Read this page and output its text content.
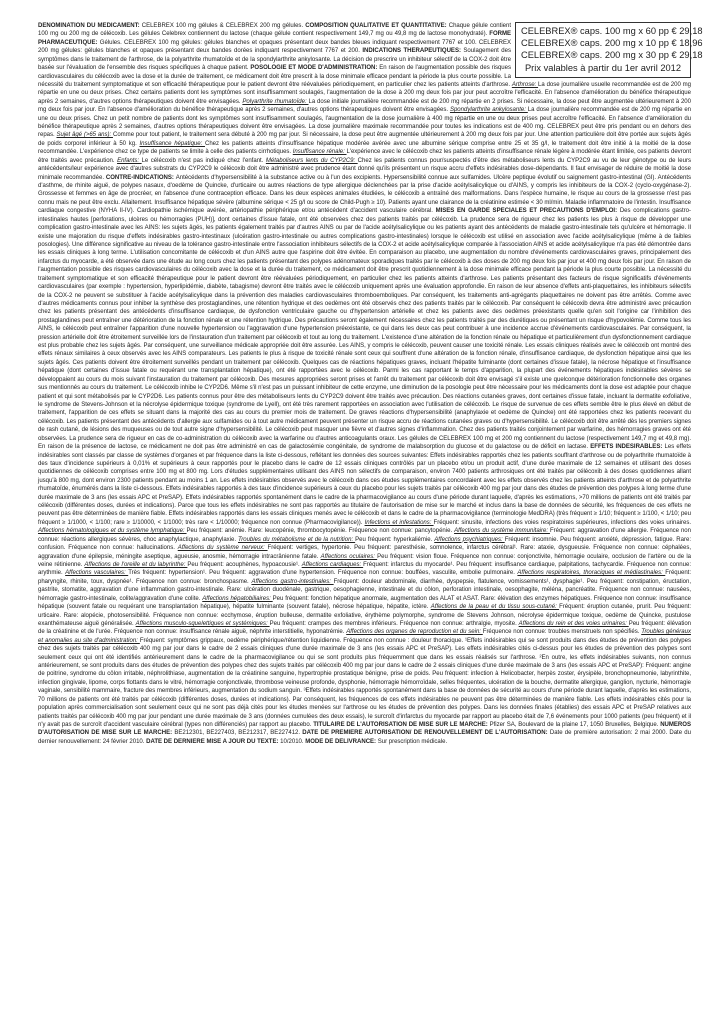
CELEBREX® caps. 100 mg x 60 pp € 29,18
CELEBREX® caps. 200 mg x 10 pp € 18,96
CELEBREX® caps. 200 mg x 30 pp € 29,18
Prix valables à partir du 1er avril 2012
DENOMINATION DU MEDICAMENT: CELEBREX 100 mg gélules & CELEBREX 200 mg gélules. COMPOSITION QUALITATIVE ET QUANTITATIVE: Chaque gélule contient 100 mg ou 200 mg de célécoxib. Les gélules Celebrex contiennent du lactose (chaque gélule contient respectivement 149,7 mg ou 49,8 mg de lactose monohydraté). FORME PHARMACEUTIQUE: Gélules. CELEBREX 100 mg gélules: gélules blanches et opaques présentant deux bandes bleues indiquant respectivement 7767 et 100. CELEBREX 200 mg gélules: gélules blanches et opaques présentant deux bandes dorées indiquant respectivement 7767 et 200. INDICATIONS THERAPEUTIQUES: Soulagement des symptômes dans le traitement de l'arthrose, de la polyarthrite rhumatoïde et de la spondylarthrite ankylosante. La décision de prescrire un inhibiteur sélectif de la COX-2 doit être basée sur l'évaluation de l'ensemble des risques spécifiques à chaque patient. POSOLOGIE ET MODE D'ADMINISTRATION: En raison de l'augmentation possible des risques cardiovasculaires du célécoxib avec la dose et la durée de traitement, ce médicament doit être prescrit à la dose minimale efficace pendant la période la plus courte possible. La nécessité du traitement symptomatique et son efficacité thérapeutique pour le patient devront être réévaluées périodiquement, en particulier chez les patients atteints d'arthrose. Arthrose: La dose journalière usuelle recommandée est de 200 mg répartie en une ou deux prises. Chez certains patients dont les symptômes sont insuffisamment soulagés, l'augmentation de la dose à 200 mg deux fois par jour peut accroître l'efficacité. En l'absence d'amélioration du bénéfice thérapeutique après 2 semaines, d'autres options thérapeutiques doivent être envisagées. Polyarthrite rhumatoïde: La dose initiale journalière recommandée est de 200 mg répartie en 2 prises. Si nécessaire, la dose peut être augmentée ultérieurement à 200 mg deux fois par jour. En l'absence d'amélioration du bénéfice thérapeutique après 2 semaines, d'autres options thérapeutiques doivent être envisagées. Spondylarthrite ankylosante: La dose journalière recommandée est de 200 mg répartie en une ou deux prises. Chez un petit nombre de patients dont les symptômes sont insuffisamment soulagés, l'augmentation de la dose journalière à 400 mg répartie en une ou deux prises peut accroître l'efficacité. En l'absence d'amélioration du bénéfice thérapeutique après 2 semaines, d'autres options thérapeutiques doivent être envisagées. La dose journalière maximale recommandée pour toutes les indications est de 400 mg. CELEBREX peut être pris pendant ou en dehors des repas. Sujet âgé (>65 ans): Comme pour tout patient, le traitement sera débuté à 200 mg par jour. Si nécessaire, la dose peut être augmentée ultérieurement à 200 mg deux fois par jour. Une attention particulière doit être portée aux sujets âgés de poids corporel inférieur à 50 kg. Insuffisance hépatique: Chez les patients atteints d'insuffisance hépatique modérée avérée avec une albumine sérique comprise entre 25 et 35 g/l, le traitement doit être initié à la moitié de la dose recommandée. L'expérience chez ce type de patients se limite à celle des patients cirrhotiques. Insuffisance rénale: L'expérience avec le célécoxib chez les patients atteints d'insuffisance rénale légère à modérée étant limitée, ces patients devront être traités avec précaution. Enfants: Le célécoxib n'est pas indiqué chez l'enfant. Métaboliseurs lents du CYP2C9: Chez les patients connus pour/suspectés d'être des métaboliseurs lents du CYP2C9 au vu de leur génotype ou de leurs antécédents/leur expérience avec d'autres substrats du CYP2C9 le célécoxib doit être administré avec prudence étant donné qu'ils présentent un risque accru d'effets indésirables dose-dépendants. Il faut envisager de réduire de moitié la dose minimale recommandée. CONTRE-INDICATIONS: Antécédents d'hypersensibilité à la substance active ou à l'un des excipients. Hypersensibilité connue aux sulfamides. Ulcère peptique évolutif ou saignement gastro-intestinal (GI). Antécédents d'asthme, de rhinite aiguë, de polypes nasaux, d'oedème de Quincke, d'urticaire ou autres réactions de type allergique déclenchées par la prise d'acide acétylsalicylique ou d'AINS, y compris les inhibiteurs de la COX-2 (cyclo-oxygénase-2). Grossesse et femmes en âge de procréer, en l'absence d'une contraception efficace. Dans les deux espèces animales étudiées, le célécoxib a entraîné des malformations. Dans l'espèce humaine, le risque au cours de la grossesse n'est pas connu mais ne peut être exclu. Allaitement. Insuffisance hépatique sévère (albumine sérique < 25 g/l ou score de Child-Pugh ≥ 10). Patients ayant une clairance de la créatinine estimée < 30 ml/min. Maladie inflammatoire de l'intestin. Insuffisance cardiaque congestive (NYHA II-IV). Cardiopathie ischémique avérée, artériopathie périphérique et/ou antécédent d'accident vasculaire cérébral. MISES EN GARDE SPECIALES ET PRECAUTIONS D'EMPLOI: Des complications gastro-intestinales hautes [perforations, ulcères ou hémorragies (PUH)], dont certaines d'issue fatale, ont été observées chez des patients traités par célécoxib. La prudence sera de rigueur chez les patients les plus à risque de développer une complication gastro-intestinale avec les AINS: les sujets âgés, les patients également traités par d'autres AINS ou par de l'acide acétylsalicylique ou les patients ayant des antécédents de maladie gastro-intestinale tels qu'ulcère et hémorragie. Il existe une majoration du risque d'effets indésirables gastro-intestinaux (ulcération gastro-intestinale ou autres complications gastro-intestinales) lorsque le célécoxib est utilisé en association avec l'acide acétylsalicylique (même à de faibles posologies). Une différence significative au niveau de la tolérance gastro-intestinale entre l'association inhibiteurs sélectifs de la COX-2 et acide acétylsalicylique comparée à l'association AINS et acide acétylsalicylique n'a pas été démontrée dans les essais cliniques à long terme. L'utilisation concomitante de célécoxib et d'un AINS autre que l'aspirine doit être évitée. En comparaison au placebo, une augmentation du nombre d'événements cardiovasculaires graves, principalement des infarctus du myocarde, a été observée dans une étude au long cours chez les patients présentant des polypes adénomateux sporadiques traités par le célécoxib à des doses de 200 mg deux fois par jour et 400 mg deux fois par jour. En raison de l'augmentation possible des risques cardiovasculaires du célécoxib avec la dose et la durée du traitement, ce médicament doit être prescrit quotidiennement à la dose minimale efficace pendant la période la plus courte possible. La nécessité du traitement symptomatique et son efficacité thérapeutique pour le patient devront être réévaluées périodiquement, en particulier chez les patients atteints d'arthrose. Les patients présentant des facteurs de risque significatifs d'événements cardiovasculaires (par exemple : hypertension, hyperlipidémie, diabète, tabagisme) devront être traités avec le célécoxib uniquement après une évaluation approfondie. En raison de leur absence d'effets anti-plaquettaires, les inhibiteurs sélectifs de la COX-2 ne peuvent se substituer à l'acide acétylsalicylique dans la prévention des maladies cardiovasculaires thromboemboliques. Par conséquent, les traitements anti-agrégants plaquettaires ne doivent pas être arrêtés. Comme avec d'autres médicaments connus pour inhiber la synthèse des prostaglandines, une rétention hydrique et des oedèmes ont été observés chez des patients traités par le célécoxib. Par conséquent le célécoxib devra être administré avec précaution chez les patients présentant des antécédents d'insuffisance cardiaque, de dysfonction ventriculaire gauche ou d'hypertension artérielle et chez les patients avec des oedèmes préexistants quelle qu'en soit l'origine car l'inhibition des prostaglandines peut entraîner une détérioration de la fonction rénale et une rétention hydrique. Des précautions seront également nécessaires chez les patients traités par des diurétiques ou présentant un risque d'hypovolémie. Comme tous les AINS, le célécoxib peut entraîner l'apparition d'une nouvelle hypertension ou l'aggravation d'une hypertension préexistante, ce qui dans les deux cas peut contribuer à une incidence accrue d'événements cardiovasculaires. Par conséquent, la pression artérielle doit être étroitement surveillée lors de l'instauration d'un traitement par célécoxib et tout au long du traitement. L'existence d'une altération de la fonction rénale ou hépatique et particulièrement d'un dysfonctionnement cardiaque est plus probable chez les sujets âgés. Par conséquent, une surveillance médicale appropriée doit être assurée. Les AINS, y compris le célécoxib, peuvent causer une toxicité rénale. Les essais cliniques réalisés avec le célécoxib ont montré des effets rénaux similaires à ceux observés avec les AINS comparateurs. Les patients le plus à risque de toxicité rénale sont ceux qui souffrent d'une altération de la fonction rénale, d'insuffisance cardiaque, de dysfonction hépatique ainsi que les sujets âgés. Ces patients doivent être étroitement surveillés pendant un traitement par célécoxib. Quelques cas de réactions hépatiques graves, incluant l'hépatite fulminante (dont certaines d'issue fatale), la nécrose hépatique et l'insuffisance hépatique (dont certaines d'issue fatale ou requérant une transplantation hépatique), ont été rapportées avec le célécoxib. Parmi les cas rapportant le temps d'apparition, la plupart des événements hépatiques indésirables sévères se développaient au cours du mois suivant l'instauration du traitement par célécoxib. Des mesures appropriées seront prises et l'arrêt du traitement par célécoxib doit être envisagé s'il existe une quelconque détérioration fonctionnelle des organes sus mentionnés au cours du traitement. Le célécoxib inhibe le CYP2D6. Même s'il n'est pas un puissant inhibiteur de cette enzyme, une diminution de la posologie peut être nécessaire pour les médicaments dont la dose est adaptée pour chaque patient et qui sont métabolisés par le CYP2D6. Les patients connus pour être des métaboliseurs lents du CYP2C9 doivent être traités avec précaution. Des réactions cutanées graves, dont certaines d'issue fatale, incluant la dermatite exfoliative, le syndrome de Stevens-Johnson et la nécrolyse épidermique toxique (syndrome de Lyell), ont été très rarement rapportées en association avec l'utilisation de célécoxib. Le risque de survenue de ces effets semble être le plus élevé en début de traitement, l'apparition de ces effets se situant dans la majorité des cas au cours du premier mois de traitement. De graves réactions d'hypersensibilité (anaphylaxie et oedème de Quincke) ont été rapportées chez les patients recevant du célécoxib. Les patients présentant des antécédents d'allergie aux sulfamides ou à tout autre médicament peuvent présenter un risque accru de réactions cutanées graves ou d'hypersensibilité. Le célécoxib doit être arrêté dès les premiers signes de rash cutané, de lésions des muqueuses ou de tout autre signe d'hypersensibilité. Le célécoxib peut masquer une fièvre et d'autres signes d'inflammation. Chez des patients traités conjointement par warfarine, des hémorragies graves ont été observées. La prudence sera de rigueur en cas de co-administration du célécoxib avec la warfarine ou d'autres anticoagulants oraux. Les gélules de CELEBREX 100 mg et 200 mg contiennent du lactose (respectivement 149,7 mg et 49,8 mg). En raison de la présence de lactose, ce médicament ne doit pas être administré en cas de galactosémie congénitale, de syndrome de malabsorption du glucose et du galactose ou de déficit en lactase. EFFETS INDESIRABLES: Les effets indésirables sont classés par classe de systèmes d'organes et par fréquence dans la liste ci-dessous, reflétant les données des sources suivantes: Effets indésirables rapportés chez les patients souffrant d'arthrose ou de polyarthrite rhumatoïde à des taux d'incidence supérieurs à 0,01% et supérieurs à ceux rapportés pour le placebo dans le cadre de 12 essais cliniques contrôlés par un placebo et/ou un produit actif, d'une durée maximale de 12 semaines et utilisant des doses quotidiennes de célécoxib comprises entre 100 mg et 800 mg. Lors d'études supplémentaires utilisant des AINS non sélectifs de comparaison, environ 7400 patients arthrosiques ont été traités par célécoxib à des doses quotidiennes allant jusqu'à 800 mg, dont environ 2300 patients pendant au moins 1 an. Les effets indésirables observés avec le célécoxib dans ces études supplémentaires concordaient avec les effets observés chez les patients atteints d'arthrose et de polyarthrite rhumatoïde, énumérés dans la liste ci-dessous. Effets indésirables rapportés à des taux d'incidence supérieurs à ceux du placebo pour les sujets traités par célécoxib 400 mg par jour dans des études de prévention des polypes à long terme d'une durée maximale de 3 ans (les essais APC et PreSAP). Effets indésirables rapportés spontanément dans le cadre de la pharmacovigilance au cours d'une période durant laquelle, d'après les estimations, >70 millions de patients ont été traités par célécoxib (différentes doses, durées et indications). Parce que tous les effets indésirables ne sont pas rapportés au titulaire de l'autorisation de mise sur le marché et inclus dans la base de données de sécurité, les fréquences de ces effets ne peuvent pas être déterminées de manière fiable. Effets indésirables rapportés dans les essais cliniques menés avec le célécoxib et dans le cadre de la pharmacovigilance (terminologie MedDRA) (très fréquent ≥ 1/10; fréquent ≥ 1/100, < 1/10; peu fréquent ≥ 1/1000, < 1/100; rare ≥ 1/10000, < 1/1000; très rare < 1/10000; fréquence non connue (Pharmacovigilance)). Infections et infestations: Fréquent: sinusite, infections des voies respiratoires supérieures, infections des voies urinaires. Affections hématologiques et du système lymphatique: Peu fréquent: anémie. Rare: leucopénie, thrombocytopénie. Fréquence non connue: pancytopénie. Affections du système immunitaire: Fréquent: aggravation d'une allergie. Fréquence non connue: réactions allergiques sévères, choc anaphylactique, anaphylaxie. Troubles du métabolisme et de la nutrition: Peu fréquent: hyperkaliémie. Affections psychiatriques: Fréquent: insomnie. Peu fréquent: anxiété, dépression, fatigue. Rare: confusion. Fréquence non connue: hallucinations. Affections du système nerveux: Fréquent: vertiges, hypertonie. Peu fréquent: paresthésie, somnolence, infarctus cérébral¹. Rare: ataxie, dysgueusie. Fréquence non connue: céphalées, aggravation d'une épilepsie, méningite aseptique, agueusie, anosmie, hémorragie intracrânienne fatale. Affections oculaires: Peu fréquent: vision floue. Fréquence non connue: conjonctivite, hémorragie oculaire, occlusion de l'artère ou de la veine rétinienne. Affections de l'oreille et du labyrinthe: Peu fréquent: acouphènes, hypoacousie¹. Affections cardiaques: Fréquent: infarctus du myocarde¹. Peu fréquent: insuffisance cardiaque, palpitations, tachycardie. Fréquence non connue: arythmie. Affections vasculaires: Très fréquent: hypertension¹. Peu fréquent: aggravation d'une hypertension. Fréquence non connue: bouffées, vasculite, embolie pulmonaire. Affections respiratoires, thoraciques et médiastinales: Fréquent: pharyngite, rhinite, toux, dyspnée¹. Fréquence non connue: bronchospasme. Affections gastro-intestinales: Fréquent: douleur abdominale, diarrhée, dyspepsie, flatulence, vomissements¹, dysphagie¹. Peu fréquent: constipation, éructation, gastrite, stomatite, aggravation d'une inflammation gastro-intestinale. Rare: ulcération duodénale, gastrique, oesophagienne, intestinale et du côlon, perforation intestinale, oesophagite, méléna, pancréatite. Fréquence non connue: nausées, hémorragie gastro-intestinale, colite/aggravation d'une colite. Affections hépatobiliaires: Peu fréquent: fonction hépatique anormale, augmentation des ALAT et ASAT. Rare: élévation des enzymes hépatiques. Fréquence non connue: insuffisance hépatique (souvent fatale ou requérant une transplantation hépatique), hépatite fulminante (souvent fatale), nécrose hépatique, hépatite, ictère. Affections de la peau et du tissu sous-cutané: Fréquent: éruption cutanée, prurit. Peu fréquent: urticaire. Rare: alopécie, photosensibilité. Fréquence non connue: ecchymose, éruption bulleuse, dermatite exfoliative, érythème polymorphe, syndrome de Stevens Johnson, nécrolyse épidermique toxique, oedème de Quincke, pustulose exanthémateuse aiguë généralisée. Affections musculo-squelettiques et systémiques: Peu fréquent: crampes des membres inférieurs. Fréquence non connue: arthralgie, myosite. Affections du rein et des voies urinaires: Peu fréquent: élévation de la créatinine et de l'urée. Fréquence non connue: insuffisance rénale aiguë, néphrite interstitielle, hyponatrémie. Affections des organes de reproduction et du sein: Fréquence non connue: troubles menstruels non spécifiés. Troubles généraux et anomalies au site d'administration: Fréquent: symptômes grippaux, oedème périphérique/rétention liquidienne. Fréquence non connue : douleur thoracique. ¹Effets indésirables qui se sont produits dans des études de prévention des polypes chez des sujets traités par célécoxib 400 mg par jour dans le cadre de 2 essais cliniques d'une durée maximale de 3 ans (les essais APC et PreSAP). Les effets indésirables cités ci-dessus pour les études de prévention des polypes sont seulement ceux qui ont été identifiés antérieurement dans le cadre de la pharmacovigilance ou qui se sont produits plus fréquemment que dans les essais réalisés sur l'arthrose. ²En outre, les effets indésirables suivants, non connus antérieurement, se sont produits dans des études de prévention des polypes chez des sujets traités par célécoxib 400 mg par jour dans le cadre de 2 essais cliniques d'une durée maximale de 3 ans (les essais APC et PreSAP): Fréquent: angine de poitrine, syndrome du côlon irritable, néphrolithiase, augmentation de la créatinine sanguine, hypertrophie prostatique bénigne, prise de poids. Peu fréquent: infection à Helicobacter, herpès zoster, érysipèle, bronchopneumonie, labyrinthite, infection gingivale, lipome, corps flottants dans le vitré, hémorragie conjonctivale, thrombose veineuse profonde, dysphonie, hémorragie hémorroïdale, selles fréquentes, ulcération de la bouche, dermatite allergique, ganglion, nycturie, hémorragie vaginale, sensibilité mammaire, fracture des membres inférieurs, augmentation du sodium sanguin. ³Effets indésirables rapportés spontanément dans la base de données de sécurité au cours d'une période durant laquelle, d'après les estimations, 70 millions de patients ont été traités par célécoxib (différentes doses, durées et indications). Par conséquent, les fréquences de ces effets indésirables ne peuvent pas être déterminées de manière fiable. Les effets indésirables cités pour la population après commercialisation sont seulement ceux qui ne sont pas déjà cités pour les études menées sur l'arthrose ou les études de prévention des polypes. Dans les données finales (établies) des essais APC et PreSAP relatives aux patients traités par célécoxib 400 mg par jour pendant une durée maximale de 3 ans (données cumulées des deux essais), le surcroît d'infarctus du myocarde par rapport au placebo était de 7,6 événements pour 1000 patients (peu fréquent) et il n'y avait pas de surcroît d'accident vasculaire cérébral (types non différenciés) par rapport au placebo. TITULAIRE DE L'AUTORISATION DE MISE SUR LE MARCHE: Pfizer SA, Boulevard de la plaine 17, 1050 Bruxelles, Belgique. NUMEROS D'AUTORISATION DE MISE SUR LE MARCHE: BE212301, BE227403, BE212317, BE227412. DATE DE PREMIERE AUTORISATION/ DE RENOUVELLEMENT DE L'AUTORISATION: Date de première autorisation: 2 mai 2000. Date du dernier renouvellement: 24 février 2010. DATE DE DERNIERE MISE A JOUR DU TEXTE: 10/2010. MODE DE DELIVRANCE: Sur prescription médicale.
